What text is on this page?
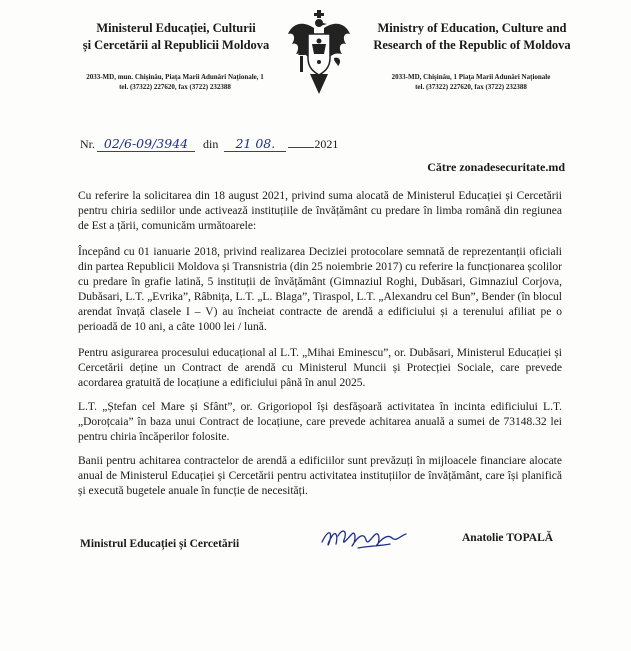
Ministerul Educației, Culturii
și Cercetării al Republicii Moldova
2033-MD, mun. Chișinău, Piața Marii Adunări Naționale, 1
tel. (37322) 227620, fax (3722) 232388
Ministry of Education, Culture and
Research of the Republic of Moldova
2033-MD, Chișinău, 1 Piața Marii Adunări Naționale
tel. (37322) 227620, fax (3722) 232388
Nr. 02/6-09/3944	din	21 08.	2021
Către zonadesecuritate.md

Cu referire la solicitarea din 18 august 2021, privind suma alocată de Ministerul Educației și Cercetării pentru chiria sediilor unde activează instituțiile de învățământ cu predare în limba română din regiunea de Est a țării, comunicăm următoarele:

Începând cu 01 ianuarie 2018, privind realizarea Deciziei protocolare semnată de reprezentanții oficiali din partea Republicii Moldova și Transnistria (din 25 noiembrie 2017) cu referire la funcționarea școlilor cu predare în grafie latină, 5 instituții de învățământ (Gimnaziul Roghi, Dubăsari, Gimnaziul Corjova, Dubăsari, L.T. „Evrika”, Râbnița, L.T. „L. Blaga”, Tiraspol, L.T. „Alexandru cel Bun”, Bender (în blocul arendat învață clasele I – V) au încheiat contracte de arendă a edificiului și a terenului afiliat pe o perioadă de 10 ani, a câte 1000 lei / lună.

Pentru asigurarea procesului educațional al L.T. „Mihai Eminescu”, or. Dubăsari, Ministerul Educației și Cercetării deține un Contract de arendă cu Ministerul Muncii și Protecției Sociale, care prevede acordarea gratuită de locațiune a edificiului până în anul 2025.

L.T. „Ștefan cel Mare și Sfânt”, or. Grigoriopol își desfășoară activitatea în incinta edificiului L.T. „Doroțcaia” în baza unui Contract de locațiune, care prevede achitarea anuală a sumei de 73148.32 lei pentru chiria încăperilor folosite.

Banii pentru achitarea contractelor de arendă a edificiilor sunt prevăzuți în mijloacele financiare alocate anual de Ministerul Educației și Cercetării pentru activitatea instituțiilor de învățământ, care își planifică și execută bugetele anuale în funcție de necesități.

Ministrul Educației și Cercetării	Anatolie TOPALĂ
